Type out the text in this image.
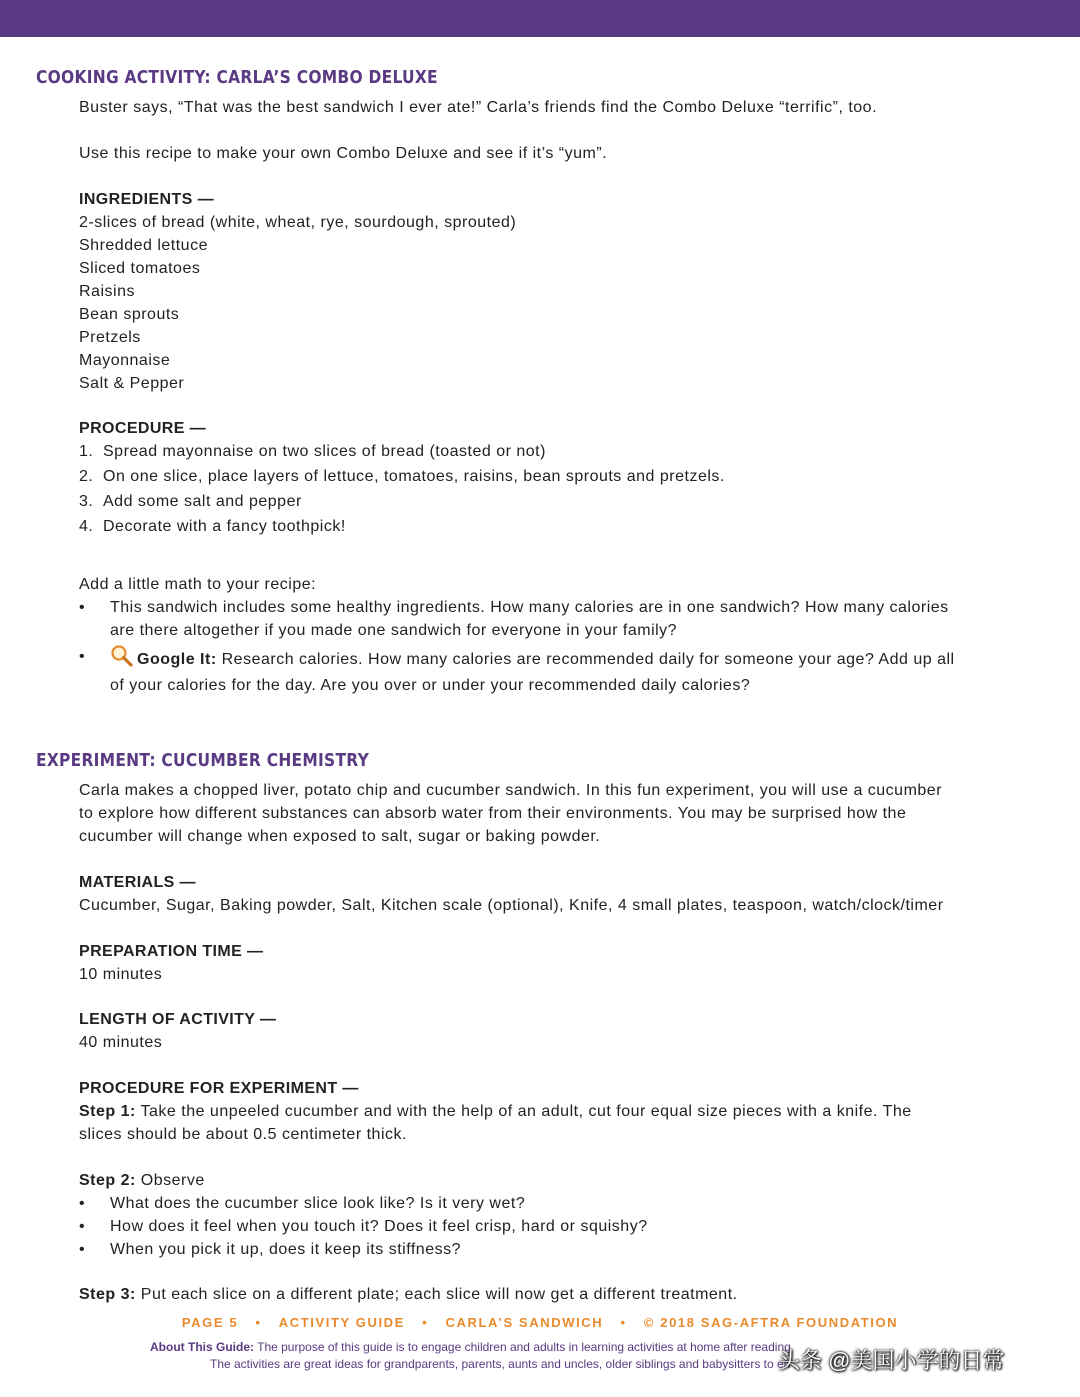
COOKING ACTIVITY: CARLA’S COMBO DELUXE
Buster says, “That was the best sandwich I ever ate!” Carla’s friends find the Combo Deluxe “terrific”, too.
Use this recipe to make your own Combo Deluxe and see if it’s “yum”.
INGREDIENTS —
2-slices of bread (white, wheat, rye, sourdough, sprouted)
Shredded lettuce
Sliced tomatoes
Raisins
Bean sprouts
Pretzels
Mayonnaise
Salt & Pepper
PROCEDURE —
1. Spread mayonnaise on two slices of bread (toasted or not)
2. On one slice, place layers of lettuce, tomatoes, raisins, bean sprouts and pretzels.
3. Add some salt and pepper
4. Decorate with a fancy toothpick!
Add a little math to your recipe:
• This sandwich includes some healthy ingredients. How many calories are in one sandwich? How many calories are there altogether if you made one sandwich for everyone in your family?
•	Google It: Research calories. How many calories are recommended daily for someone your age? Add up all of your calories for the day. Are you over or under your recommended daily calories?
EXPERIMENT: CUCUMBER CHEMISTRY
Carla makes a chopped liver, potato chip and cucumber sandwich. In this fun experiment, you will use a cucumber to explore how different substances can absorb water from their environments. You may be surprised how the cucumber will change when exposed to salt, sugar or baking powder.
MATERIALS —
Cucumber, Sugar, Baking powder, Salt, Kitchen scale (optional), Knife, 4 small plates, teaspoon, watch/clock/timer
PREPARATION TIME —
10 minutes
LENGTH OF ACTIVITY —
40 minutes
PROCEDURE FOR EXPERIMENT —
Step 1: Take the unpeeled cucumber and with the help of an adult, cut four equal size pieces with a knife. The slices should be about 0.5 centimeter thick.
Step 2: Observe
• What does the cucumber slice look like? Is it very wet?
• How does it feel when you touch it? Does it feel crisp, hard or squishy?
• When you pick it up, does it keep its stiffness?
Step 3: Put each slice on a different plate; each slice will now get a different treatment.
PAGE 5 • ACTIVITY GUIDE • CARLA’S SANDWICH • © 2018 SAG-AFTRA FOUNDATION
About This Guide: The purpose of this guide is to engage children and adults in learning activities at home after reading
The activities are great ideas for grandparents, parents, aunts and uncles, older siblings and babysitters to en
头条 @美国小学的日常
